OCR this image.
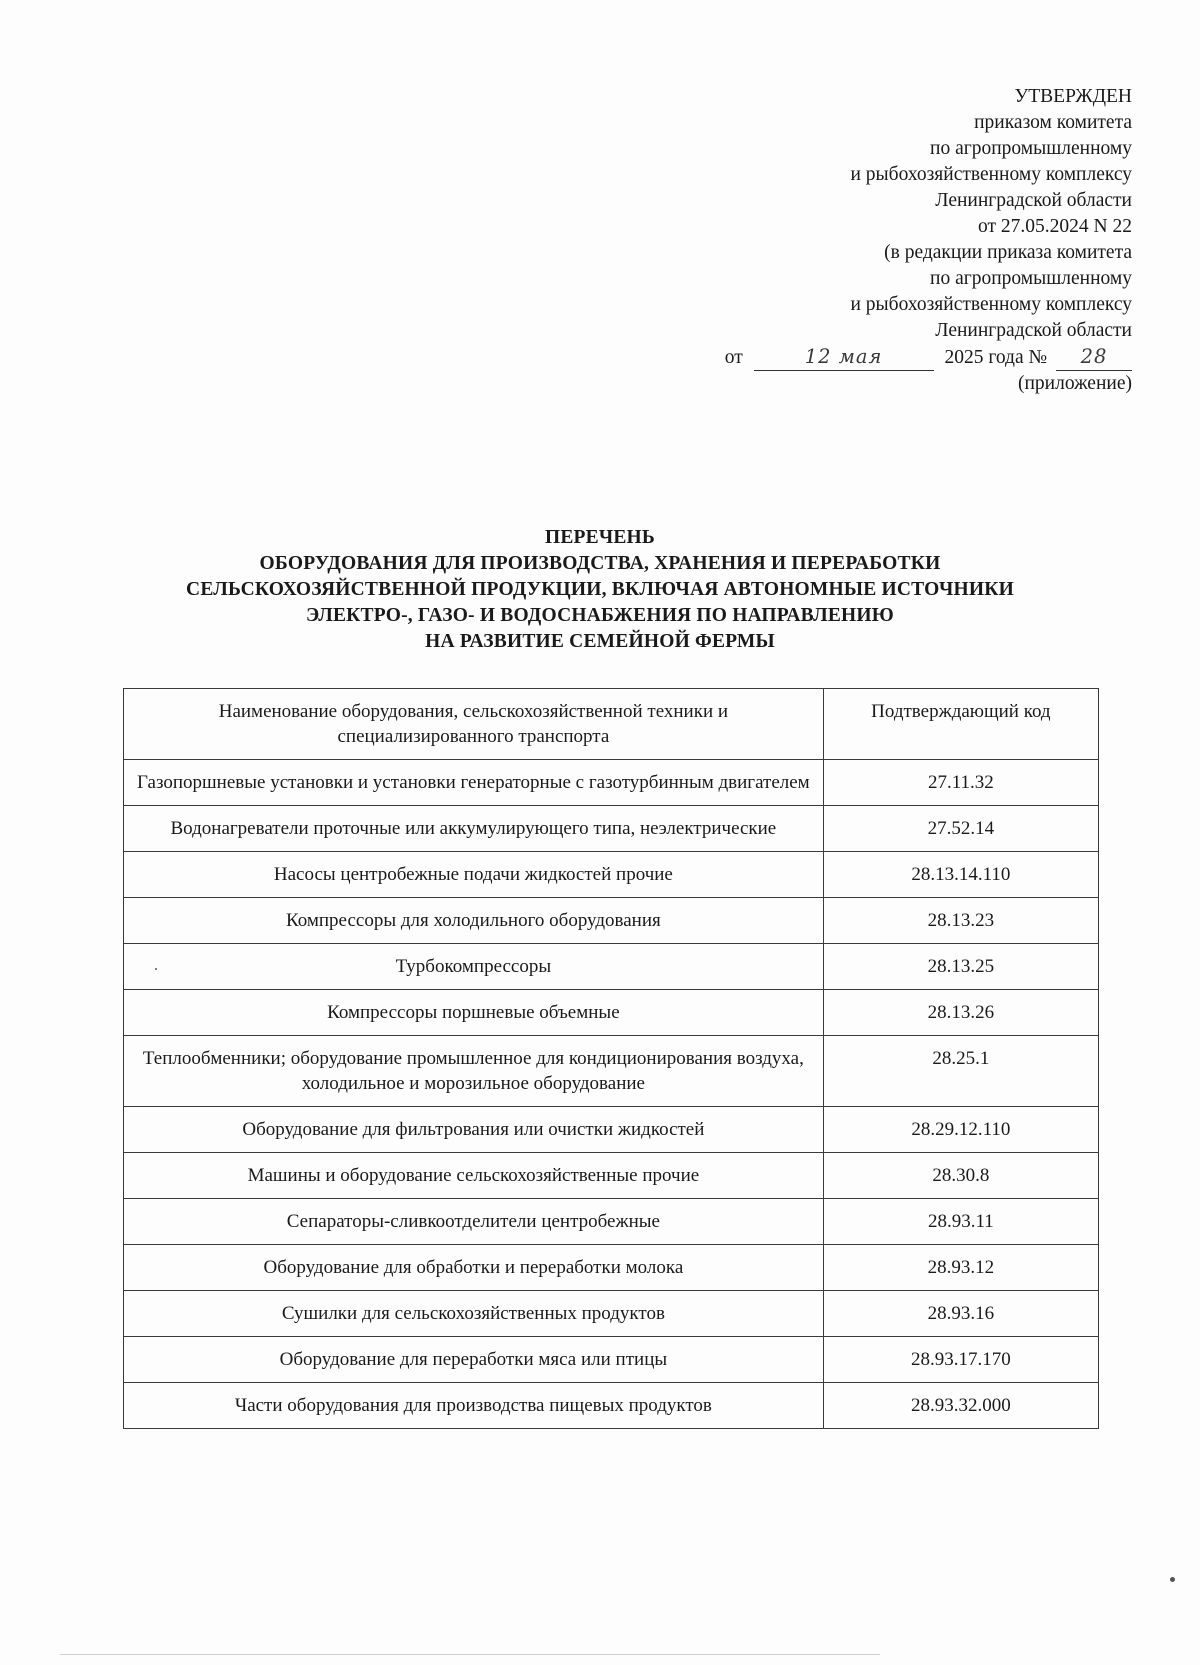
УТВЕРЖДЕН
приказом комитета
по агропромышленному
и рыбохозяйственному комплексу
Ленинградской области
от 27.05.2024 N 22
(в редакции приказа комитета
по агропромышленному
и рыбохозяйственному комплексу
Ленинградской области
от	12 мая	2025 года № 28
(приложение)
ПЕРЕЧЕНЬ
ОБОРУДОВАНИЯ ДЛЯ ПРОИЗВОДСТВА, ХРАНЕНИЯ И ПЕРЕРАБОТКИ
СЕЛЬСКОХОЗЯЙСТВЕННОЙ ПРОДУКЦИИ, ВКЛЮЧАЯ АВТОНОМНЫЕ ИСТОЧНИКИ
ЭЛЕКТРО-, ГАЗО- И ВОДОСНАБЖЕНИЯ ПО НАПРАВЛЕНИЮ
НА РАЗВИТИЕ СЕМЕЙНОЙ ФЕРМЫ
Наименование оборудования, сельскохозяйственной техники и специализированного транспорта	Подтверждающий код
Газопоршневые установки и установки генераторные с газотурбинным двигателем	27.11.32
Водонагреватели проточные или аккумулирующего типа, неэлектрические	27.52.14
Насосы центробежные подачи жидкостей прочие	28.13.14.110
Компрессоры для холодильного оборудования	28.13.23
Турбокомпрессоры	28.13.25
Компрессоры поршневые объемные	28.13.26
Теплообменники; оборудование промышленное для кондиционирования воздуха, холодильное и морозильное оборудование	28.25.1
Оборудование для фильтрования или очистки жидкостей	28.29.12.110
Машины и оборудование сельскохозяйственные прочие	28.30.8
Сепараторы-сливкоотделители центробежные	28.93.11
Оборудование для обработки и переработки молока	28.93.12
Сушилки для сельскохозяйственных продуктов	28.93.16
Оборудование для переработки мяса или птицы	28.93.17.170
Части оборудования для производства пищевых продуктов	28.93.32.000
